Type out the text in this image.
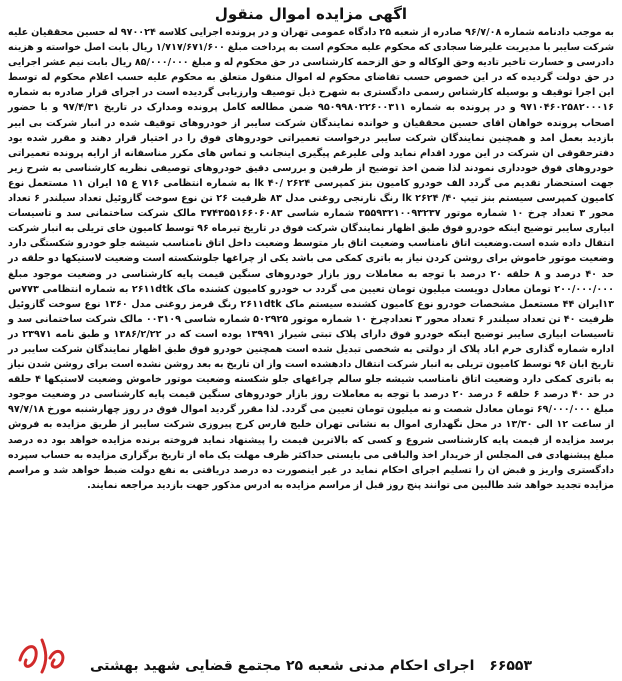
اگهی مزایده اموال منقول

به موجب دادنامه شماره ۹۶/۷/۰۸ صادره از شعبه ۲۵ دادگاه عمومی تهران و در پرونده اجرایی کلاسه ۹۷۰۰۲۴ له حسین محققیان علیه شرکت سایبر با مدیریت علیرضا سجادی که محکوم علیه محکوم است به پرداخت مبلغ ۱/۷۱۷/۶۷۱/۶۰۰ ریال بابت اصل خواسته و هزینه دادرسی و خسارت تاخیر تادیه وحق الوکاله و حق الزحمه کارشناسی در حق محکوم له و مبلغ ۸۵/۰۰۰/۰۰۰ ریال بابت نیم عشر اجرایی در حق دولت گردیده که در این خصوص حسب تقاضای محکوم له اموال منقول متعلق به محکوم علیه حسب اعلام محکوم له توسط این اجرا توقیف و بوسیله کارشناس رسمی دادگستری به شهرح ذیل توصیف وارزیابی گردیده است در اجرای قرار صادره به شماره ۹۷۱۰۴۶۰۲۵۸۲۰۰۰۱۶ و در پرونده به شماره ۹۵۰۹۹۸۰۲۲۶۰۰۳۱۱ ضمن مطالعه کامل پرونده ومدارک در تاریخ ۹۷/۴/۳۱ و با حضور اصحاب پرونده خواهان اقای حسین محققیان و خوانده نمایندگان شرکت سایبر از خودروهای توقیف شده در انبار شرکت بی ابیر بازدید بعمل امد و همچنین نمایندگان شرکت سایبر درخواست تعمیراتی خودروهای فوق را در اختیار قرار دهند و مقرر شده بود دفترحقوقی ان شرکت در این مورد اقدام نماید ولی علیرغم پیگیری اینجانب و تماس های مکرر مناسفانه از ارایه پرونده تعمیراتی خودروهای فوق خودداری نمودند لذا ضمن اخذ توضیح از طرفین و بررسی دقیق خودروهای توصیفی نظریه کارشناسی به شرح زیر جهت استحضار تقدیم می گردد الف خودرو کامیون بنز کمپرسی ۲۶۲۴ /۴۰ lk به شماره انتظامی ۷۱۶ ع ۱۵ ایران ۱۱ مستعمل نوع کامیون کمپرسی سیستم بنز تیپ ۴۰/ ۲۶۲۴ lk رنگ نارنجی روغنی مدل ۸۳ ظرفیت ۲۶ تن نوع سوخت گازوئیل تعداد سیلندر ۶ تعداد محور ۳ تعداد چرخ ۱۰ شماره موتور ۳۵۵۹۳۲۱۰۰۹۳۲۳۷ شماره شاسی ۳۷۴۳۵۵۱۶۶۰۶۰۸۳ مالک شرکت ساختمانی سد و تاسیسات ابیاری سایبر توضیح اینکه خودرو فوق طبق اظهار نمایندگان شرکت فوق در تاریخ تیرماه ۹۶ توسط کامیون خای تریلی به انبار شرکت انتقال داده شده است.وضعیت اتاق نامناسب وضعیت اتاق بار متوسط وضعیت داخل اتاق نامناسب شیشه جلو خودرو شکستگی دارد وضعیت موتور خاموش برای روشن کردن نیاز به باتری کمکی می باشد یکی از چراغها جلوشکسته است وضعیت لاستیکها دو حلقه در حد ۴۰ درصد و ۸ حلقه ۲۰ درصد با توجه به معاملات روز بازار خودروهای سنگین قیمت پایه کارشناسی در وضعیت موجود مبلغ ۲۰۰/۰۰۰/۰۰۰ تومان معادل دویست میلیون تومان تعیین می گردد ب خودرو کامیون کشنده ماک ۲۶۱۱dtk به شماره انتظامی ۷۷۳س ۱۳ایران ۴۴ مستعمل مشخصات خودرو نوع کامیون کشنده سیستم ماک ۲۶۱۱dtk رنگ قرمز روغنی مدل ۱۳۶۰ نوع سوخت گازوئیل ظرفیت ۴۰ تن تعداد سیلندر ۶ تعداد محور ۳ تعدادچرخ ۱۰ شماره موتور ۵۰۲۹۲۵ شماره شاسی ۰۰۳۱۰۹ مالک شرکت ساختمانی سد و تاسیسات ابیاری سایبر توضیح اینکه خودرو فوق دارای پلاک تبتی شیراز ۱۳۹۹۱ بوده است که در ۱۳۸۶/۲/۲۲ و طبق نامه ۲۳۹۷۱ در اداره شماره گذاری خرم اباد پلاک از دولتی به شخصی تبدیل شده است همچنین خودرو فوق طبق اظهار نمایندگان شرکت سایبر در تاریخ ابان ۹۶ توسط کامیون تریلی به انبار شرکت انتقال دادهشده است واز ان تاریخ به بعد روشن نشده است برای روشن شدن نیاز به باتری کمکی دارد وضعیت اتاق نامناسب شیشه جلو سالم چراغهای جلو شکسته وضعیت موتور خاموش وضعیت لاستیکها ۴ حلقه در حد ۴۰ درصد ۶ حلقه ۶ درصد ۲۰ درصد با توجه به معاملات روز بازار خودروهای سنگین قیمت پایه کارشناسی در وضعیت موجود مبلغ ۶۹/۰۰۰/۰۰۰ تومان معادل شصت و نه میلیون تومان تعیین می گردد. لذا مقرر گردید اموال فوق در روز چهارشنبه مورخ ۹۷/۷/۱۸ از ساعت ۱۲ الی ۱۳/۳۰ در محل نگهداری اموال به نشانی تهران خلیج فارس کرج پیروزی شرکت سایبر از طریق مزایده به فروش برسد مزایده از قیمت پایه کارشناسی شروع و کسی که بالاترین قیمت را پیشنهاد نماید فروخته برنده مزایده خواهد بود ده درصد مبلغ پیشنهادی فی المجلس از خریدار اخذ والباقی می بایستی حداکثر ظرف مهلت یک ماه از تاریخ برگزاری مزایده به حساب سپرده دادگستری واریز و قبض ان را تسلیم اجرای احکام نماید در غیر اینصورت ده درصد دریافتی به نفع دولت ضبط خواهد شد و مراسم مزایده تجدید خواهد شد طالبین می توانند پنج روز قبل از مراسم مزایده به ادرس مذکور جهت بازدید مراجعه نمایند.

۶۶۵۵۳ اجرای احکام مدنی شعبه ۲۵ مجتمع قضایی شهید بهشتی
